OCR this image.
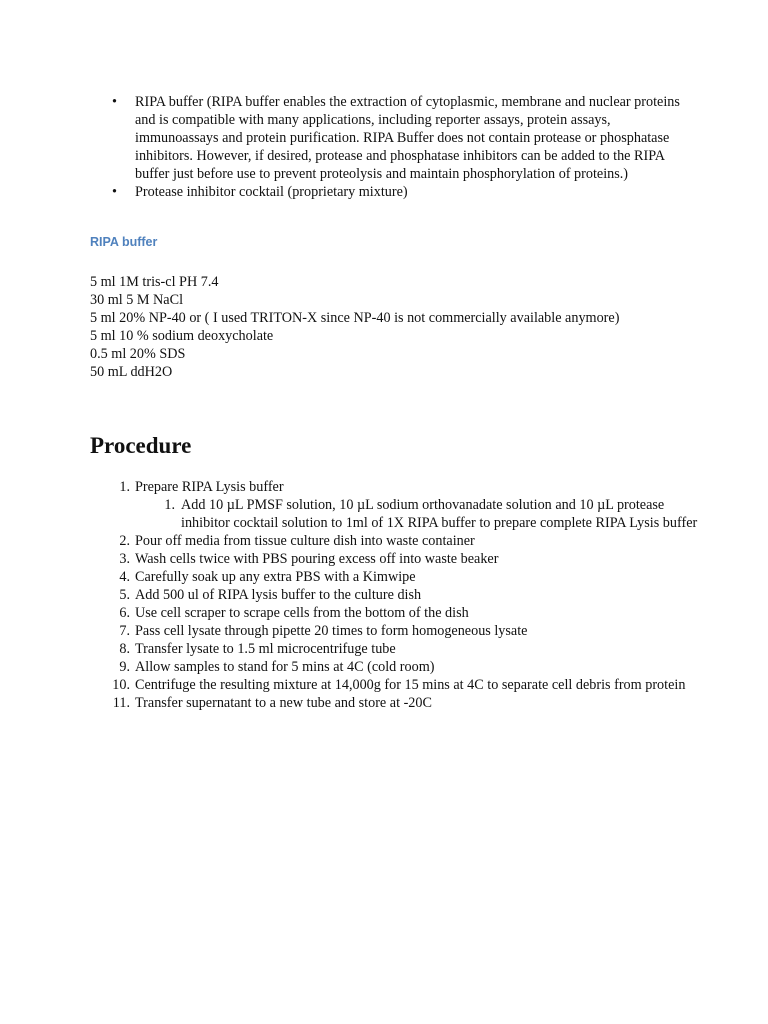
• RIPA buffer (RIPA buffer enables the extraction of cytoplasmic, membrane and nuclear proteins and is compatible with many applications, including reporter assays, protein assays, immunoassays and protein purification. RIPA Buffer does not contain protease or phosphatase inhibitors. However, if desired, protease and phosphatase inhibitors can be added to the RIPA buffer just before use to prevent proteolysis and maintain phosphorylation of proteins.)
• Protease inhibitor cocktail (proprietary mixture)
RIPA buffer
5 ml 1M tris-cl PH 7.4
30 ml 5 M NaCl
5 ml 20% NP-40 or ( I used TRITON-X since NP-40 is not commercially available anymore)
5 ml 10 % sodium deoxycholate
0.5 ml 20% SDS
50 mL ddH2O
Procedure
1. Prepare RIPA Lysis buffer
1. Add 10 µL PMSF solution, 10 µL sodium orthovanadate solution and 10 µL protease inhibitor cocktail solution to 1ml of 1X RIPA buffer to prepare complete RIPA Lysis buffer
2. Pour off media from tissue culture dish into waste container
3. Wash cells twice with PBS pouring excess off into waste beaker
4. Carefully soak up any extra PBS with a Kimwipe
5. Add 500 ul of RIPA lysis buffer to the culture dish
6. Use cell scraper to scrape cells from the bottom of the dish
7. Pass cell lysate through pipette 20 times to form homogeneous lysate
8. Transfer lysate to 1.5 ml microcentrifuge tube
9. Allow samples to stand for 5 mins at 4C (cold room)
10. Centrifuge the resulting mixture at 14,000g for 15 mins at 4C to separate cell debris from protein
11. Transfer supernatant to a new tube and store at -20C
